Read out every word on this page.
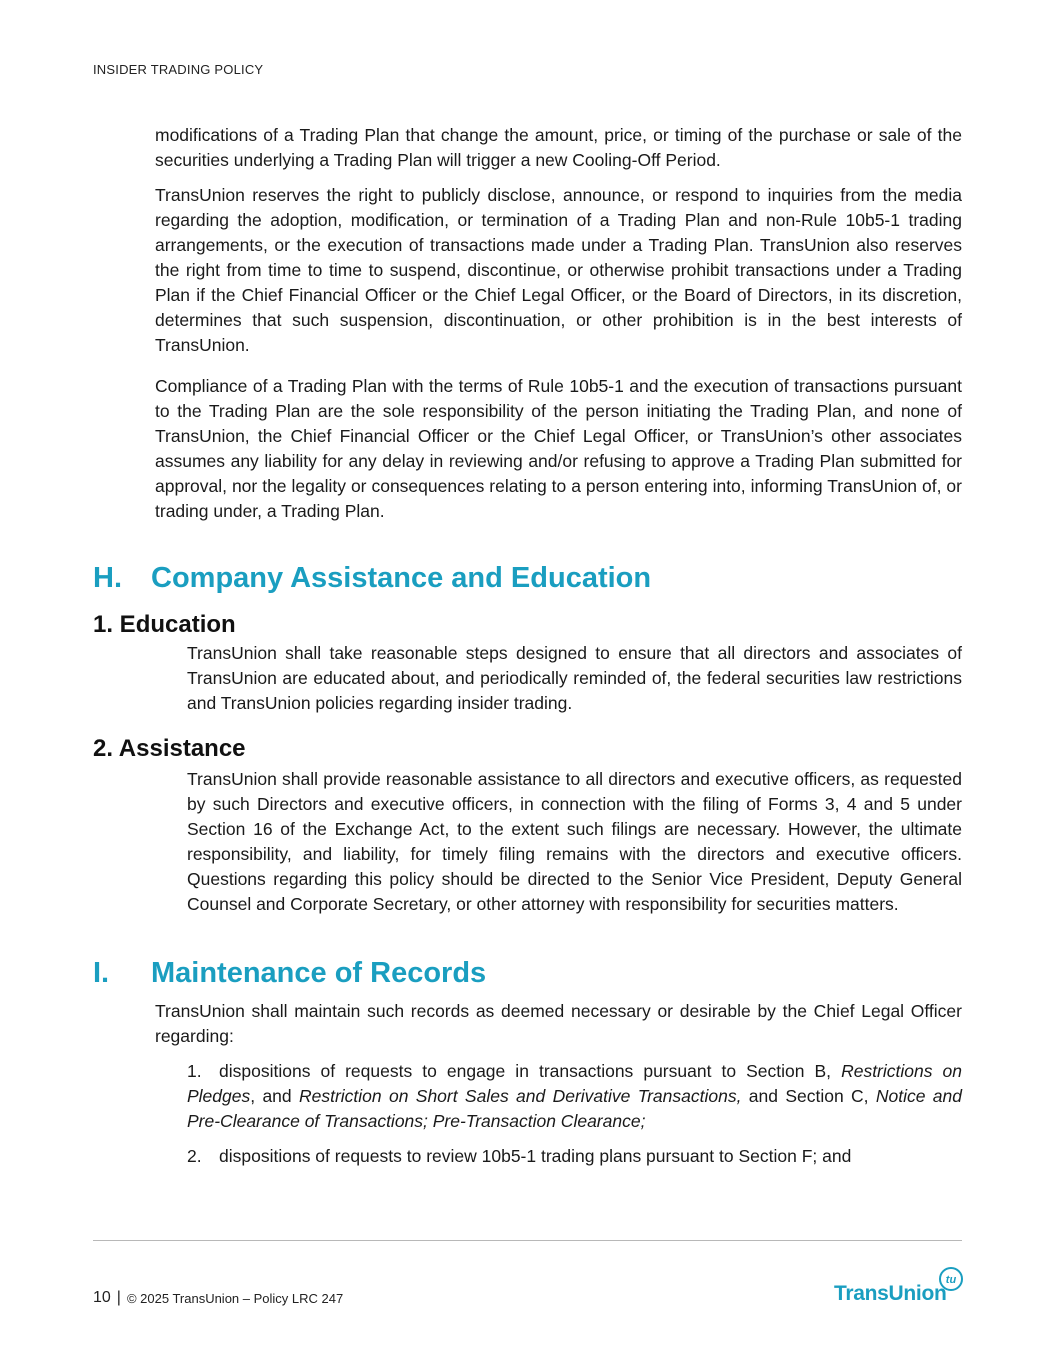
INSIDER TRADING POLICY

modifications of a Trading Plan that change the amount, price, or timing of the purchase or sale of the securities underlying a Trading Plan will trigger a new Cooling-Off Period.

TransUnion reserves the right to publicly disclose, announce, or respond to inquiries from the media regarding the adoption, modification, or termination of a Trading Plan and non-Rule 10b5-1 trading arrangements, or the execution of transactions made under a Trading Plan. TransUnion also reserves the right from time to time to suspend, discontinue, or otherwise prohibit transactions under a Trading Plan if the Chief Financial Officer or the Chief Legal Officer, or the Board of Directors, in its discretion, determines that such suspension, discontinuation, or other prohibition is in the best interests of TransUnion.

Compliance of a Trading Plan with the terms of Rule 10b5-1 and the execution of transactions pursuant to the Trading Plan are the sole responsibility of the person initiating the Trading Plan, and none of TransUnion, the Chief Financial Officer or the Chief Legal Officer, or TransUnion’s other associates assumes any liability for any delay in reviewing and/or refusing to approve a Trading Plan submitted for approval, nor the legality or consequences relating to a person entering into, informing TransUnion of, or trading under, a Trading Plan.

H.	Company Assistance and Education
1. Education

TransUnion shall take reasonable steps designed to ensure that all directors and associates of TransUnion are educated about, and periodically reminded of, the federal securities law restrictions and TransUnion policies regarding insider trading.

2. Assistance

TransUnion shall provide reasonable assistance to all directors and executive officers, as requested by such Directors and executive officers, in connection with the filing of Forms 3, 4 and 5 under Section 16 of the Exchange Act, to the extent such filings are necessary. However, the ultimate responsibility, and liability, for timely filing remains with the directors and executive officers. Questions regarding this policy should be directed to the Senior Vice President, Deputy General Counsel and Corporate Secretary, or other attorney with responsibility for securities matters.

I.	Maintenance of Records

TransUnion shall maintain such records as deemed necessary or desirable by the Chief Legal Officer regarding:

1. dispositions of requests to engage in transactions pursuant to Section B, Restrictions on Pledges, and Restriction on Short Sales and Derivative Transactions, and Section C, Notice and Pre-Clearance of Transactions; Pre-Transaction Clearance;

2. dispositions of requests to review 10b5-1 trading plans pursuant to Section F; and

10 | © 2025 TransUnion – Policy LRC 247	TransUnion
tu
